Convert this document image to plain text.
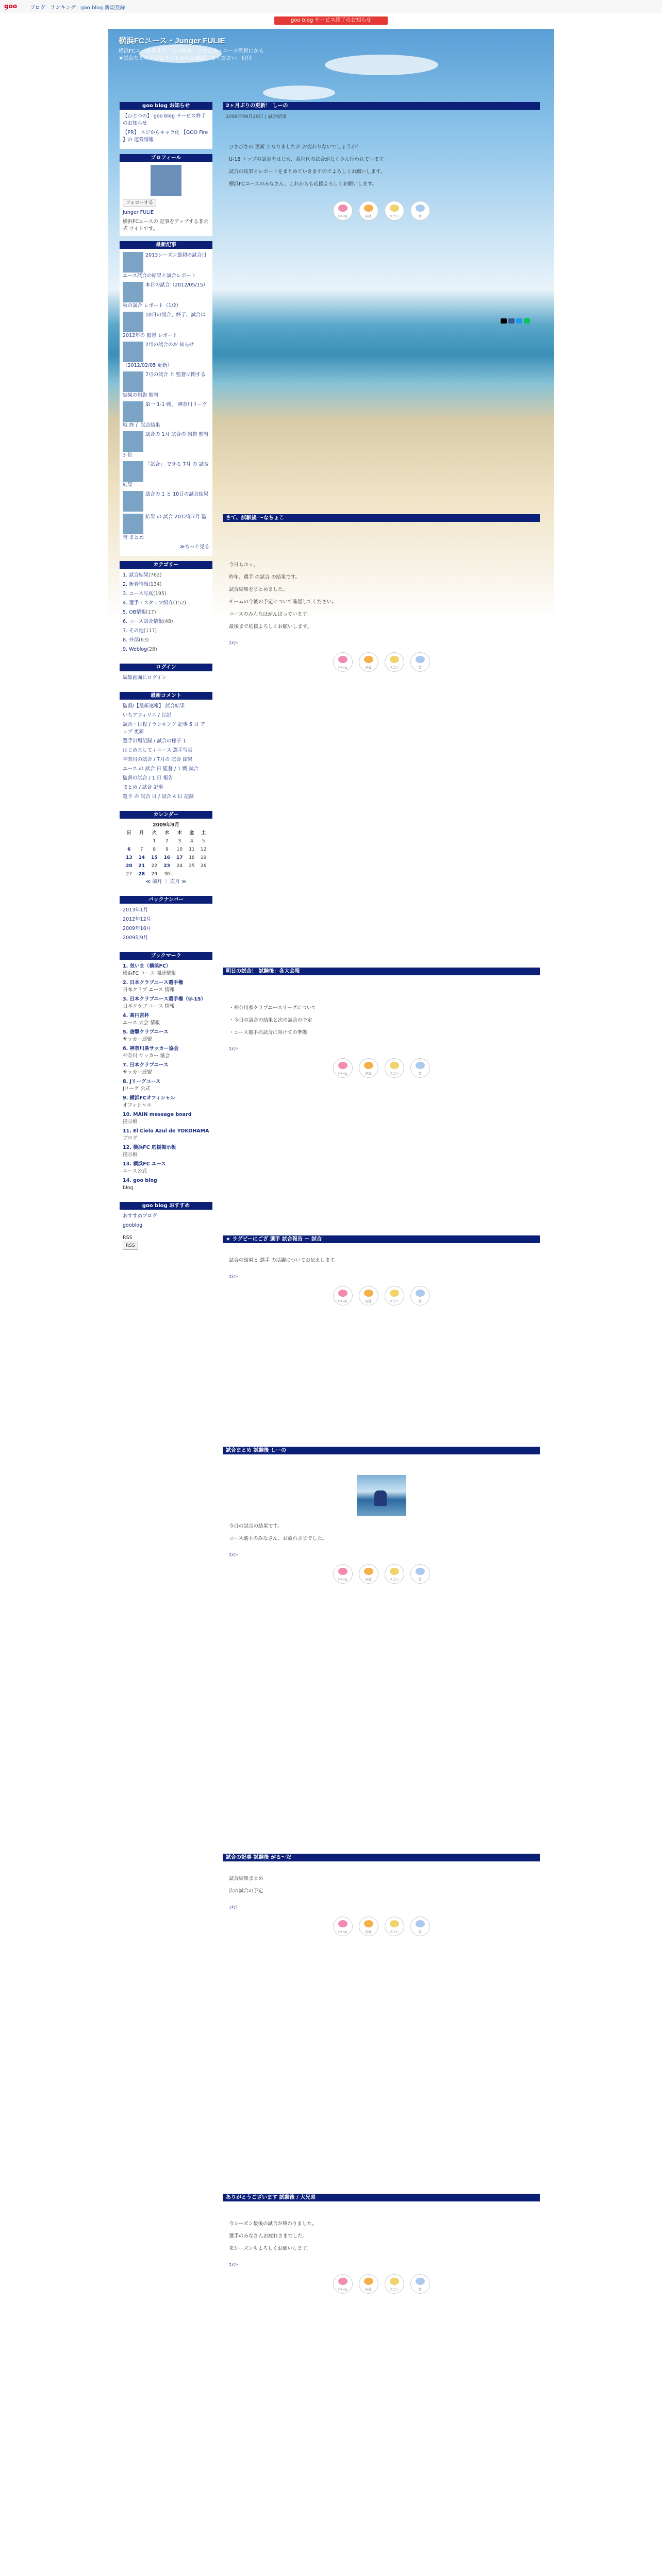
goo ブログ ランキング goo blog 新規登録
goo blog サービス終了のお知らせ
横浜FCユース・Junger FULIE

横浜FCユース各世代「試合結果」とまとめ・ユース監督にかも
★試合などの予定はサイトからも確認してください。日付

goo blog お知らせ
【ひとつの】 goo blog サービス終了のお知らせ
【PR】 ネジからキャラ化 【GOO Fire 】の 運営情報
プロフィール
フォローする
Junger FULIE
横浜FCユースの 記事をアップする非公式 サイトです。
最新記事
2013シーズン最初の試合日ユース試合の結果と試合レポート
本日の試合（2012/05/15） 秋の試合 レポート（1/2）
10日の試合、終了、試合は2012年の 監督 レポート
2月の試合のお 知らせ（2012/02/05 更新）
7月の試合 と 監督に関する 結果の報告 監督
第一 1-1 戦、 神奈川リーグ戦 終了 試合結果
試合の 1月 試合の 報告 監督 3 位
「試合」 できる 7月 の 試合結果
試合の 1 と 10日の試合結果
結果 の 試合 2012年7月 監督 まとめ
≫もっと見る
カテゴリー
1. 試合結果(762)
2. 新着情報(134)
3. ユース写真(195)
4. 選手・スタッフ紹介(152)
5. OB情報(17)
6. ユース試合情報(48)
7. その他(117)
8. 外部(63)
9. Weblog(28)
ログイン
編集画面にログイン
最新コメント
監督/【最新速報】 試合結果
いちアフィリエ / 日記
試合・日程 / ランキング 記事 5 日 アップ 更新
選手出場記録 / 試合の様子 1
はじめまして / ユース 選手写真
神奈川の試合 / 7月の 試合 結果
ユース の 試合 日 監督 / 1 戦 試合
監督の試合 / 1 日 報告
まとめ / 試合 記事
選手 の 試合 日 / 試合 4 日 記録
カレンダー
2009年9月
日	月	火	水	木	金	土
		1	2	3	4	5
6	7	8	9	10	11	12
13	14	15	16	17	18	19
20	21	22	23	24	25	26
27	28	29	30			
≪ 前月 ｜ 次月 ≫
バックナンバー
2013年1月
2012年12月
2009年10月
2009年9月
ブックマーク
1. 気いま（横浜FC）
横浜FC ユース 関連情報
2. 日本クラブユース選手権
日本クラブ ユース 情報
3. 日本クラブユース選手権（U-15）
日本クラブ ユース 情報
4. 高円宮杯
ユース 大会 情報
5. 遊撃クラブユース
サッカー連盟
6. 神奈川県サッカー協会
神奈川 サッカー 協会
7. 日本クラブユース
サッカー連盟
8. Jリーグユース
Jリーグ 公式
9. 横浜FCオフィシャル
オフィシャル
10. MAIN message board
掲示板
11. El Cielo Azul de YOKOHAMA
ブログ
12. 横浜FC 応援掲示板
掲示板
13. 横浜FC ユース
ユース公式
14. goo blog
blog
goo blog おすすめ
おすすめブログ
gooblog
RSS
RSS
2ヶ月ぶりの更新！ しーの
2009年09月29日 | 試合結果

ひさびさの 更新 となりましたが お変わりないでしょうか？

U-18 トップの試合をはじめ、各世代の試合がたくさん行われています。

試合の結果とレポートをまとめていきますのでよろしくお願いします。

横浜FCユースのみなさん、これからも応援よろしくお願いします。

いいね	応援	すごい	笑
さて、試験後 ～なちょこ

今日もホッ、

昨年、選手 の試合 の結果です。

試合結果をまとめました。

チームの今後の予定について確認してください。

ユースのみんなはがんばっています。

最後まで応援よろしくお願いします。

ｺﾒﾝﾄ
いいね	応援	すごい	笑
明日の試合！ 試験後：各大会報

・神奈川県クラブユースリーグについて

・今日の試合の結果と次の試合の予定

・ユース選手の試合に向けての準備

ｺﾒﾝﾄ
いいね	応援	すごい	笑
★ ラグビーにござ 選手 試合報告 ～ 試合

試合の結果と 選手 の活躍についてお伝えします。

ｺﾒﾝﾄ
いいね	応援	すごい	笑
試合まとめ 試験後 しーの

今日の試合の結果です。

ユース選手のみなさん、お疲れさまでした。

ｺﾒﾝﾄ
いいね	応援	すごい	笑
試合の記事 試験後 がる～だ

試合結果まとめ

次の試合の予定

ｺﾒﾝﾄ
いいね	応援	すごい	笑
ありがとうございます 試験後 / 大兄弟

今シーズン最後の試合が終わりました。

選手のみなさんお疲れさまでした。

来シーズンもよろしくお願いします。

ｺﾒﾝﾄ
いいね	応援	すごい	笑
